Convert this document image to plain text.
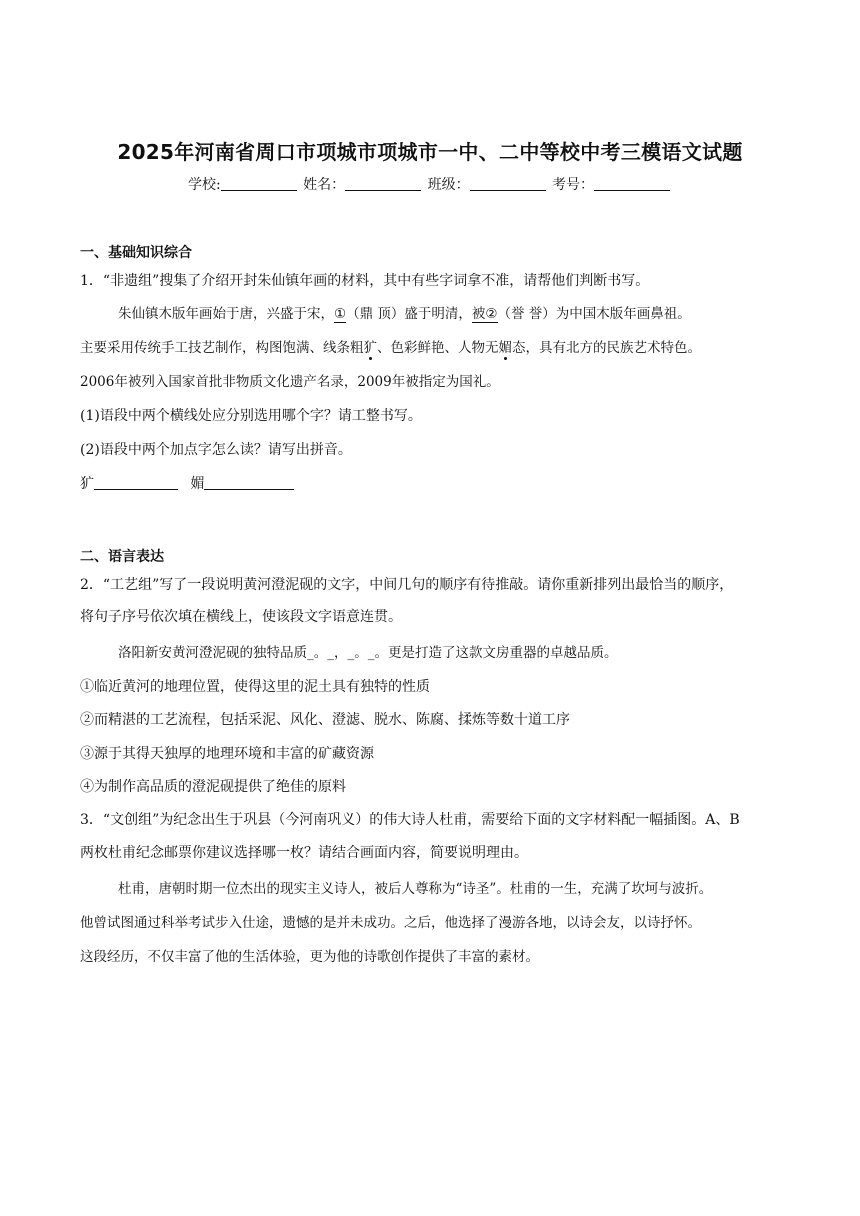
2025年河南省周口市项城市项城市一中、二中等校中考三模语文试题
学校:	姓名：	班级：	考号：
一、基础知识综合
1．“非遗组”搜集了介绍开封朱仙镇年画的材料，其中有些字词拿不准，请帮他们判断书写。
朱仙镇木版年画始于唐，兴盛于宋，①（鼎 顶）盛于明清，被②（誉 誉）为中国木版年画鼻祖。
主要采用传统手工技艺制作，构图饱满、线条粗犷、色彩鲜艳、人物无媚态，具有北方的民族艺术特色。
2006年被列入国家首批非物质文化遗产名录，2009年被指定为国礼。
(1)语段中两个横线处应分别选用哪个字？请工整书写。
(2)语段中两个加点字怎么读？请写出拼音。
犷	媚
二、语言表达
2．“工艺组”写了一段说明黄河澄泥砚的文字，中间几句的顺序有待推敲。请你重新排列出最恰当的顺序，
将句子序号依次填在横线上，使该段文字语意连贯。
洛阳新安黄河澄泥砚的独特品质_。_，_。_。更是打造了这款文房重器的卓越品质。
①临近黄河的地理位置，使得这里的泥土具有独特的性质
②而精湛的工艺流程，包括采泥、风化、澄滤、脱水、陈腐、揉炼等数十道工序
③源于其得天独厚的地理环境和丰富的矿藏资源
④为制作高品质的澄泥砚提供了绝佳的原料
3．“文创组”为纪念出生于巩县（今河南巩义）的伟大诗人杜甫，需要给下面的文字材料配一幅插图。A、B
两枚杜甫纪念邮票你建议选择哪一枚？请结合画面内容，简要说明理由。
杜甫，唐朝时期一位杰出的现实主义诗人，被后人尊称为“诗圣”。杜甫的一生，充满了坎坷与波折。
他曾试图通过科举考试步入仕途，遗憾的是并未成功。之后，他选择了漫游各地，以诗会友，以诗抒怀。
这段经历，不仅丰富了他的生活体验，更为他的诗歌创作提供了丰富的素材。
